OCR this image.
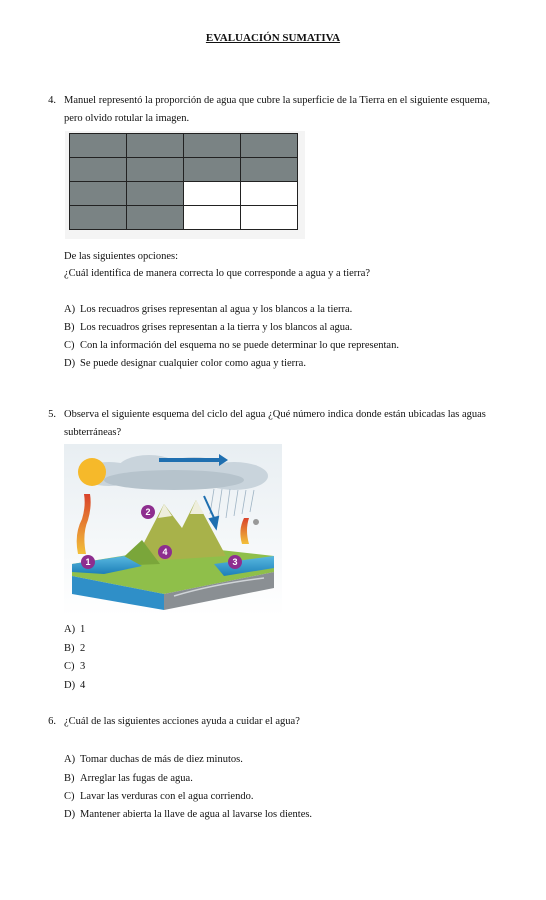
EVALUACIÓN SUMATIVA
4. Manuel representó la proporción de agua que cubre la superficie de la Tierra en el siguiente esquema,
pero olvido rotular la imagen.

De las siguientes opciones:
¿Cuál identifica de manera correcta lo que corresponde a agua y a tierra?
A) Los recuadros grises representan al agua y los blancos a la tierra.
B) Los recuadros grises representan a la tierra y los blancos al agua.
C) Con la información del esquema no se puede determinar lo que representan.
D) Se puede designar cualquier color como agua y tierra.
5. Observa el siguiente esquema del ciclo del agua ¿Qué número indica donde están ubicadas las aguas
subterráneas?
1
2
3
4
A) 1
B) 2
C) 3
D) 4
6. ¿Cuál de las siguientes acciones ayuda a cuidar el agua?
A) Tomar duchas de más de diez minutos.
B) Arreglar las fugas de agua.
C) Lavar las verduras con el agua corriendo.
D) Mantener abierta la llave de agua al lavarse los dientes.
